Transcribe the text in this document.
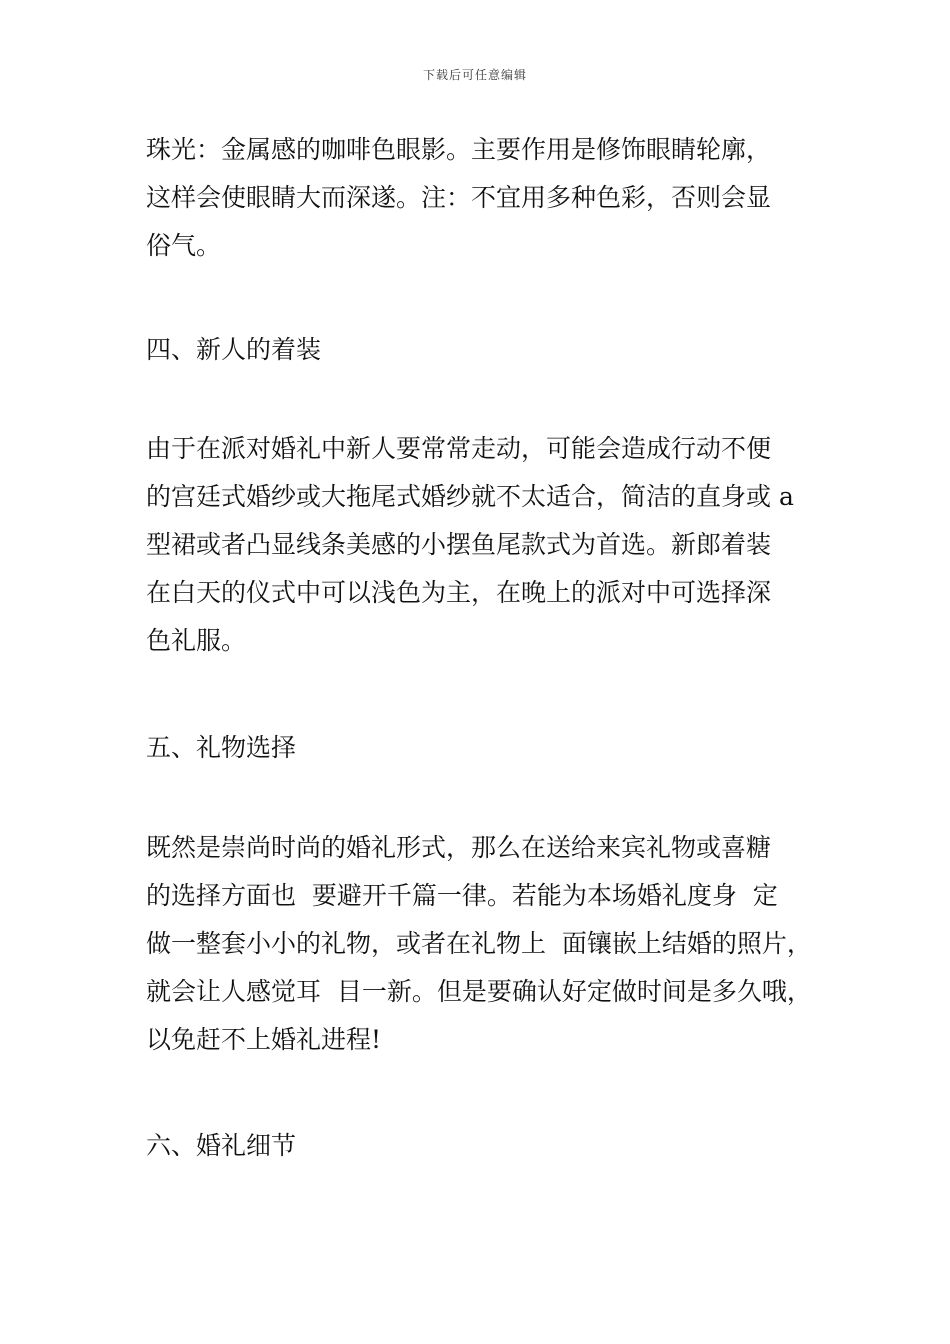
下载后可任意编辑
珠光：金属感的咖啡色眼影。主要作用是修饰眼睛轮廓，
这样会使眼睛大而深遂。注：不宜用多种色彩，否则会显
俗气。
四、新人的着装
由于在派对婚礼中新人要常常走动，可能会造成行动不便
的宫廷式婚纱或大拖尾式婚纱就不太适合，简洁的直身或 a
型裙或者凸显线条美感的小摆鱼尾款式为首选。新郎着装
在白天的仪式中可以浅色为主，在晚上的派对中可选择深
色礼服。
五、礼物选择
既然是崇尚时尚的婚礼形式，那么在送给来宾礼物或喜糖
的选择方面也  要避开千篇一律。若能为本场婚礼度身  定
做一整套小小的礼物，或者在礼物上  面镶嵌上结婚的照片，
就会让人感觉耳  目一新。但是要确认好定做时间是多久哦，
以免赶不上婚礼进程!
六、婚礼细节
